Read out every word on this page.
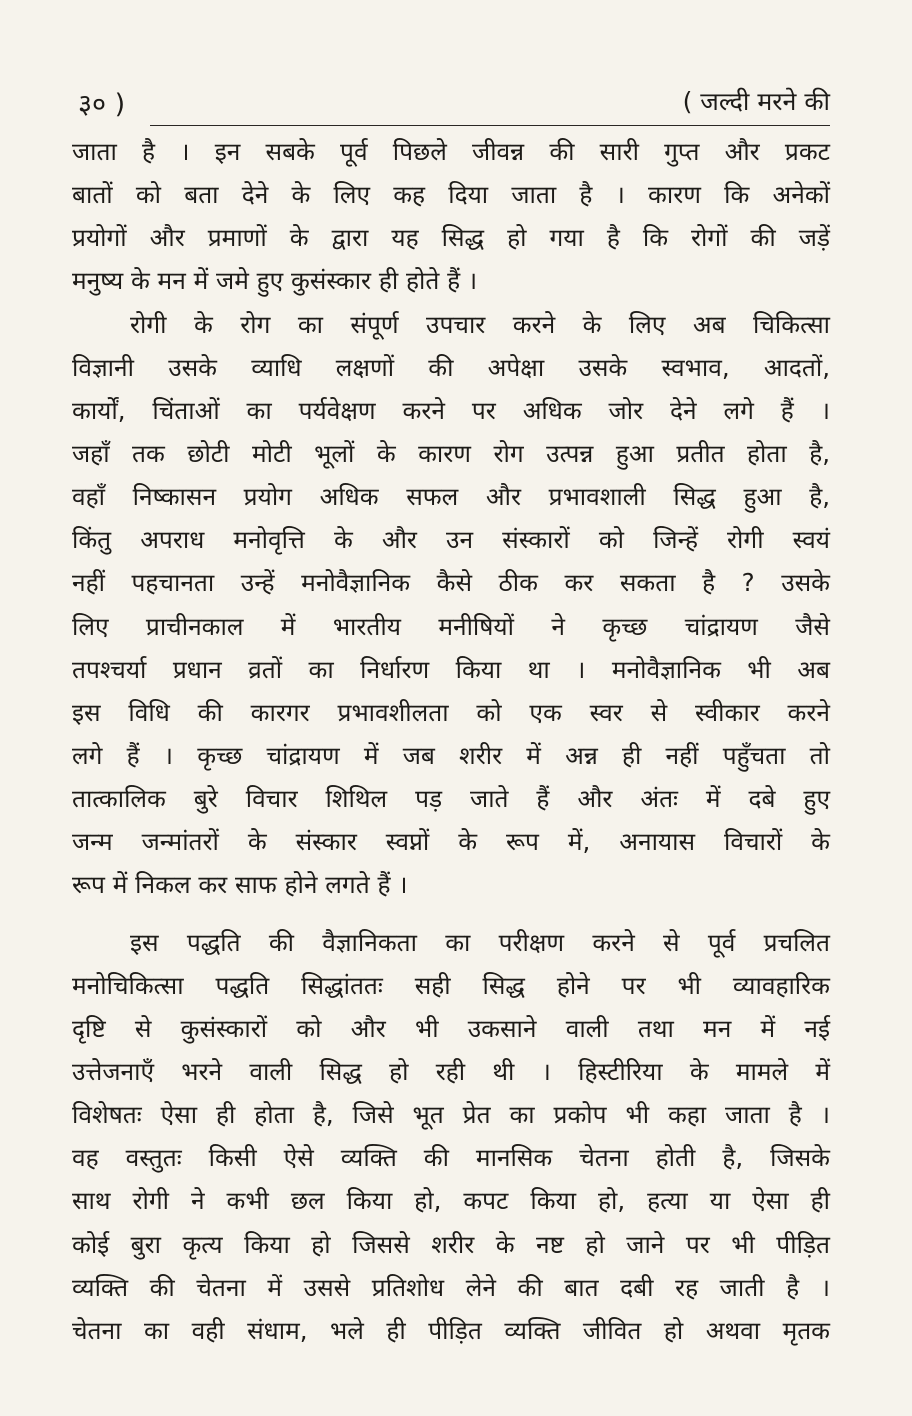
३० )	( जल्दी मरने की
जाता है । इन सबके पूर्व पिछले जीवन्न की सारी गुप्त और प्रकट
बातों को बता देने के लिए कह दिया जाता है । कारण कि अनेकों
प्रयोगों और प्रमाणों के द्वारा यह सिद्ध हो गया है कि रोगों की जड़ें
मनुष्य के मन में जमे हुए कुसंस्कार ही होते हैं ।
रोगी के रोग का संपूर्ण उपचार करने के लिए अब चिकित्सा
विज्ञानी उसके व्याधि लक्षणों की अपेक्षा उसके स्वभाव, आदतों,
कार्यों, चिंताओं का पर्यवेक्षण करने पर अधिक जोर देने लगे हैं ।
जहाँ तक छोटी मोटी भूलों के कारण रोग उत्पन्न हुआ प्रतीत होता है,
वहाँ निष्कासन प्रयोग अधिक सफल और प्रभावशाली सिद्ध हुआ है,
किंतु अपराध मनोवृत्ति के और उन संस्कारों को जिन्हें रोगी स्वयं
नहीं पहचानता उन्हें मनोवैज्ञानिक कैसे ठीक कर सकता है ? उसके
लिए प्राचीनकाल में भारतीय मनीषियों ने कृच्छ चांद्रायण जैसे
तपश्चर्या प्रधान व्रतों का निर्धारण किया था । मनोवैज्ञानिक भी अब
इस विधि की कारगर प्रभावशीलता को एक स्वर से स्वीकार करने
लगे हैं । कृच्छ चांद्रायण में जब शरीर में अन्न ही नहीं पहुँचता तो
तात्कालिक बुरे विचार शिथिल पड़ जाते हैं और अंतः में दबे हुए
जन्म जन्मांतरों के संस्कार स्वप्नों के रूप में, अनायास विचारों के
रूप में निकल कर साफ होने लगते हैं ।
इस पद्धति की वैज्ञानिकता का परीक्षण करने से पूर्व प्रचलित
मनोचिकित्सा पद्धति सिद्धांततः सही सिद्ध होने पर भी व्यावहारिक
दृष्टि से कुसंस्कारों को और भी उकसाने वाली तथा मन में नई
उत्तेजनाएँ भरने वाली सिद्ध हो रही थी । हिस्टीरिया के मामले में
विशेषतः ऐसा ही होता है, जिसे भूत प्रेत का प्रकोप भी कहा जाता है ।
वह वस्तुतः किसी ऐसे व्यक्ति की मानसिक चेतना होती है, जिसके
साथ रोगी ने कभी छल किया हो, कपट किया हो, हत्या या ऐसा ही
कोई बुरा कृत्य किया हो जिससे शरीर के नष्ट हो जाने पर भी पीड़ित
व्यक्ति की चेतना में उससे प्रतिशोध लेने की बात दबी रह जाती है ।
चेतना का वही संधाम, भले ही पीड़ित व्यक्ति जीवित हो अथवा मृतक
